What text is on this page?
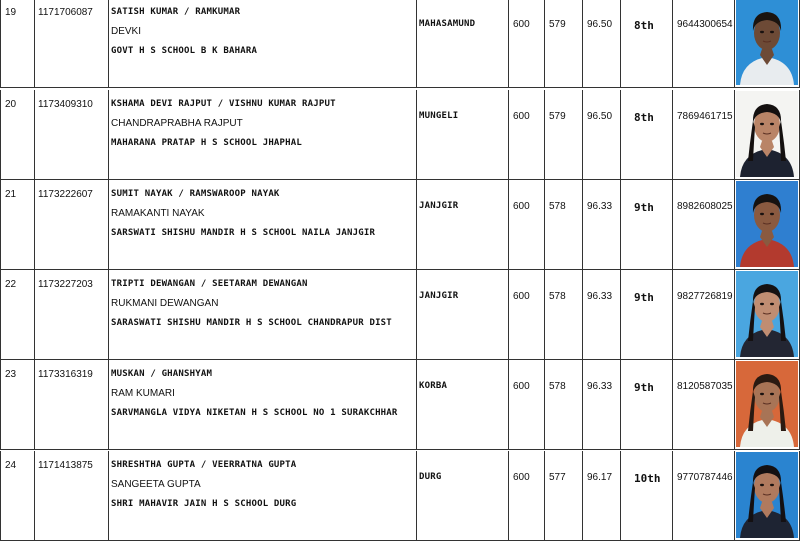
19 1171706087 SATISH KUMAR / RAMKUMAR
DEVKI
GOVT H S SCHOOL B K BAHARA
MAHASAMUND	600 579 96.50 8th 9644300654
20 1173409310 KSHAMA DEVI RAJPUT / VISHNU KUMAR RAJPUT
CHANDRAPRABHA RAJPUT
MAHARANA PRATAP H S SCHOOL JHAPHAL
MUNGELI	600 579 96.50 8th 7869461715
21 1173222607 SUMIT NAYAK / RAMSWAROOP NAYAK
RAMAKANTI NAYAK
SARSWATI SHISHU MANDIR H S SCHOOL NAILA JANJGIR
JANJGIR	600 578 96.33 9th 8982608025
22 1173227203 TRIPTI DEWANGAN / SEETARAM DEWANGAN
RUKMANI DEWANGAN
SARASWATI SHISHU MANDIR H S SCHOOL CHANDRAPUR DIST
JANJGIR	600 578 96.33 9th 9827726819
23 1173316319 MUSKAN / GHANSHYAM
RAM KUMARI
SARVMANGLA VIDYA NIKETAN H S SCHOOL NO 1 SURAKCHHAR
KORBA	600 578 96.33 9th 8120587035
24 1171413875 SHRESHTHA GUPTA / VEERRATNA GUPTA
SANGEETA GUPTA
SHRI MAHAVIR JAIN H S SCHOOL DURG
DURG	600 577 96.17 10th 9770787446
